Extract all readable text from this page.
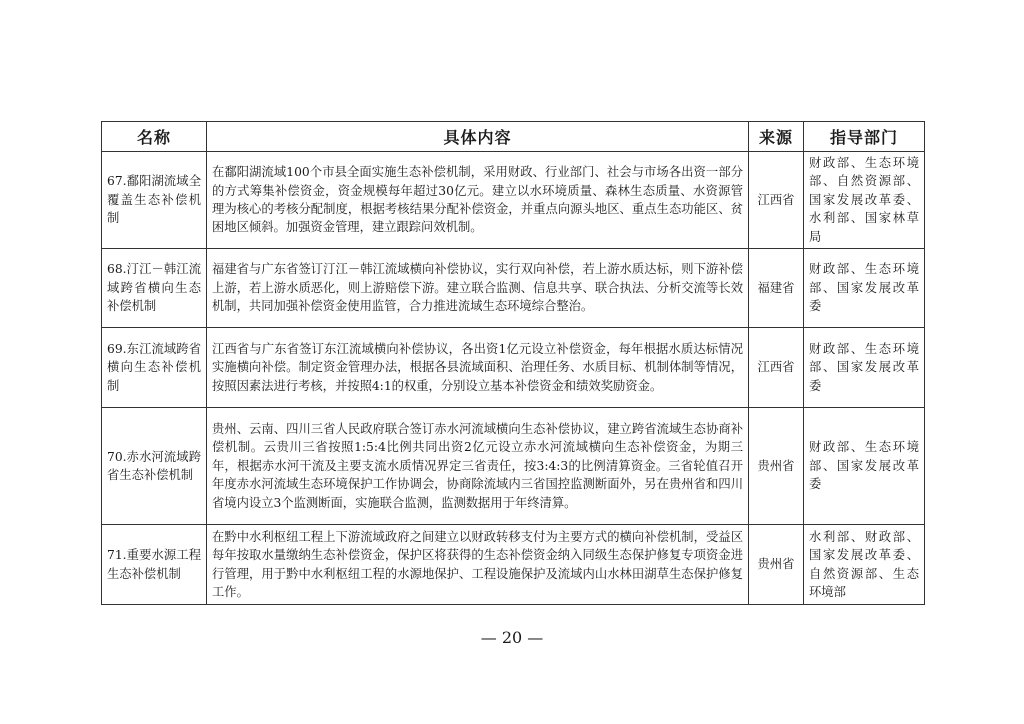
名称	具体内容	来源	指导部门
67.鄱阳湖流域全覆盖生态补偿机制	在鄱阳湖流域100个市县全面实施生态补偿机制，采用财政、行业部门、社会与市场各出资一部分的方式筹集补偿资金，资金规模每年超过30亿元。建立以水环境质量、森林生态质量、水资源管理为核心的考核分配制度，根据考核结果分配补偿资金，并重点向源头地区、重点生态功能区、贫困地区倾斜。加强资金管理，建立跟踪问效机制。	江西省	财政部、生态环境部、自然资源部、国家发展改革委、水利部、国家林草局
68.汀江－韩江流域跨省横向生态补偿机制	福建省与广东省签订汀江－韩江流域横向补偿协议，实行双向补偿，若上游水质达标，则下游补偿上游，若上游水质恶化，则上游赔偿下游。建立联合监测、信息共享、联合执法、分析交流等长效机制，共同加强补偿资金使用监管，合力推进流域生态环境综合整治。	福建省	财政部、生态环境部、国家发展改革委
69.东江流域跨省横向生态补偿机制	江西省与广东省签订东江流域横向补偿协议，各出资1亿元设立补偿资金，每年根据水质达标情况实施横向补偿。制定资金管理办法，根据各县流域面积、治理任务、水质目标、机制体制等情况，按照因素法进行考核，并按照4:1的权重，分别设立基本补偿资金和绩效奖励资金。	江西省	财政部、生态环境部、国家发展改革委
70.赤水河流域跨省生态补偿机制	贵州、云南、四川三省人民政府联合签订赤水河流域横向生态补偿协议，建立跨省流域生态协商补偿机制。云贵川三省按照1:5:4比例共同出资2亿元设立赤水河流域横向生态补偿资金，为期三年，根据赤水河干流及主要支流水质情况界定三省责任，按3:4:3的比例清算资金。三省轮值召开年度赤水河流域生态环境保护工作协调会，协商除流域内三省国控监测断面外，另在贵州省和四川省境内设立3个监测断面，实施联合监测，监测数据用于年终清算。	贵州省	财政部、生态环境部、国家发展改革委
71.重要水源工程生态补偿机制	在黔中水利枢纽工程上下游流域政府之间建立以财政转移支付为主要方式的横向补偿机制，受益区每年按取水量缴纳生态补偿资金，保护区将获得的生态补偿资金纳入同级生态保护修复专项资金进行管理，用于黔中水利枢纽工程的水源地保护、工程设施保护及流域内山水林田湖草生态保护修复工作。	贵州省	水利部、财政部、国家发展改革委、自然资源部、生态环境部
— 20 —
